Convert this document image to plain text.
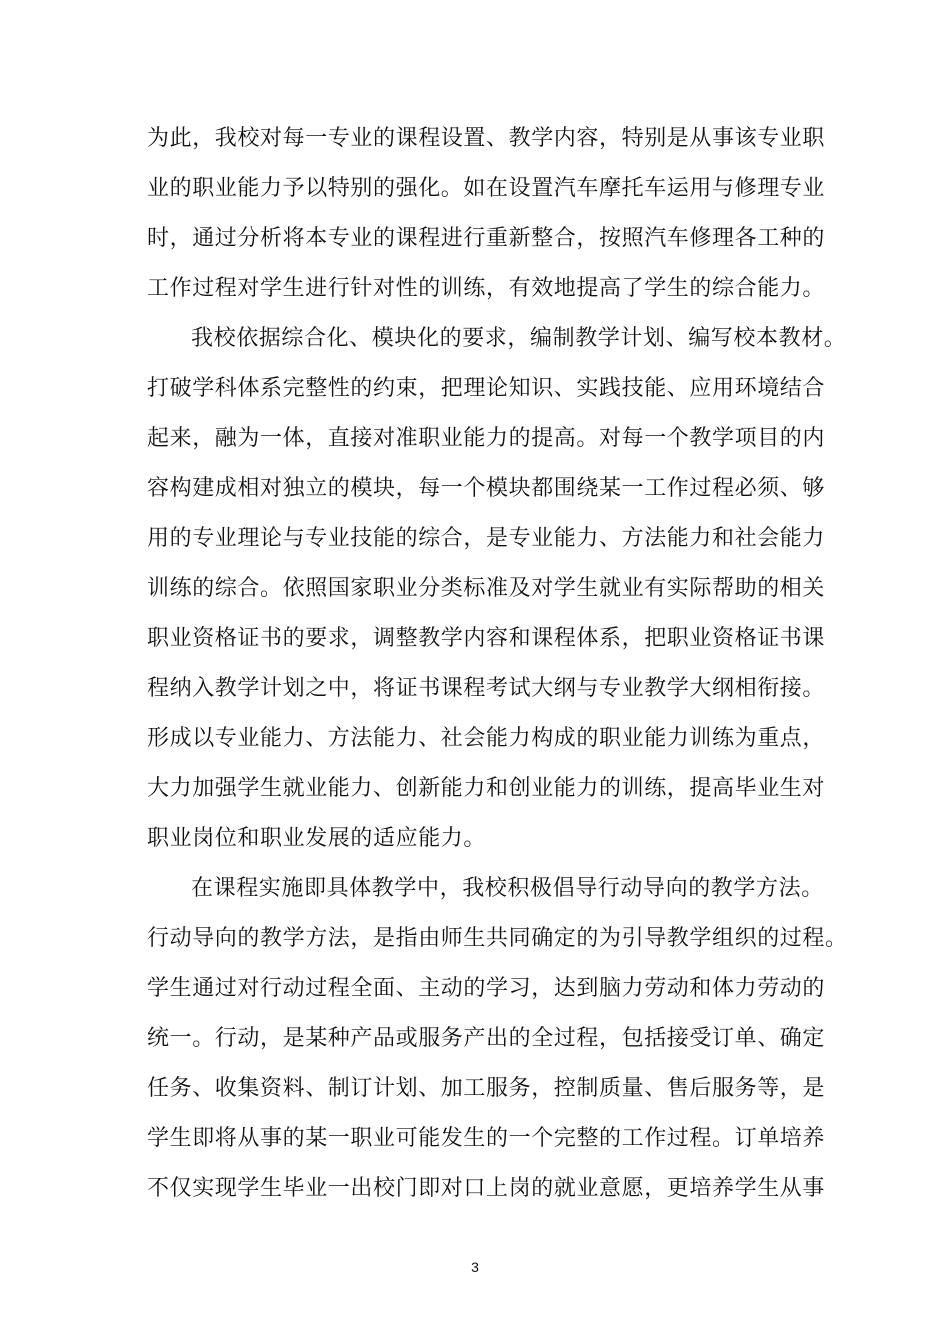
为此，我校对每一专业的课程设置、教学内容，特别是从事该专业职
业的职业能力予以特别的强化。如在设置汽车摩托车运用与修理专业
时，通过分析将本专业的课程进行重新整合，按照汽车修理各工种的
工作过程对学生进行针对性的训练，有效地提高了学生的综合能力。
我校依据综合化、模块化的要求，编制教学计划、编写校本教材。
打破学科体系完整性的约束，把理论知识、实践技能、应用环境结合
起来，融为一体，直接对准职业能力的提高。对每一个教学项目的内
容构建成相对独立的模块，每一个模块都围绕某一工作过程必须、够
用的专业理论与专业技能的综合，是专业能力、方法能力和社会能力
训练的综合。依照国家职业分类标准及对学生就业有实际帮助的相关
职业资格证书的要求，调整教学内容和课程体系，把职业资格证书课
程纳入教学计划之中，将证书课程考试大纲与专业教学大纲相衔接。
形成以专业能力、方法能力、社会能力构成的职业能力训练为重点，
大力加强学生就业能力、创新能力和创业能力的训练，提高毕业生对
职业岗位和职业发展的适应能力。
在课程实施即具体教学中，我校积极倡导行动导向的教学方法。
行动导向的教学方法，是指由师生共同确定的为引导教学组织的过程。
学生通过对行动过程全面、主动的学习，达到脑力劳动和体力劳动的
统一。行动，是某种产品或服务产出的全过程，包括接受订单、确定
任务、收集资料、制订计划、加工服务，控制质量、售后服务等，是
学生即将从事的某一职业可能发生的一个完整的工作过程。订单培养
不仅实现学生毕业一出校门即对口上岗的就业意愿，更培养学生从事
3
